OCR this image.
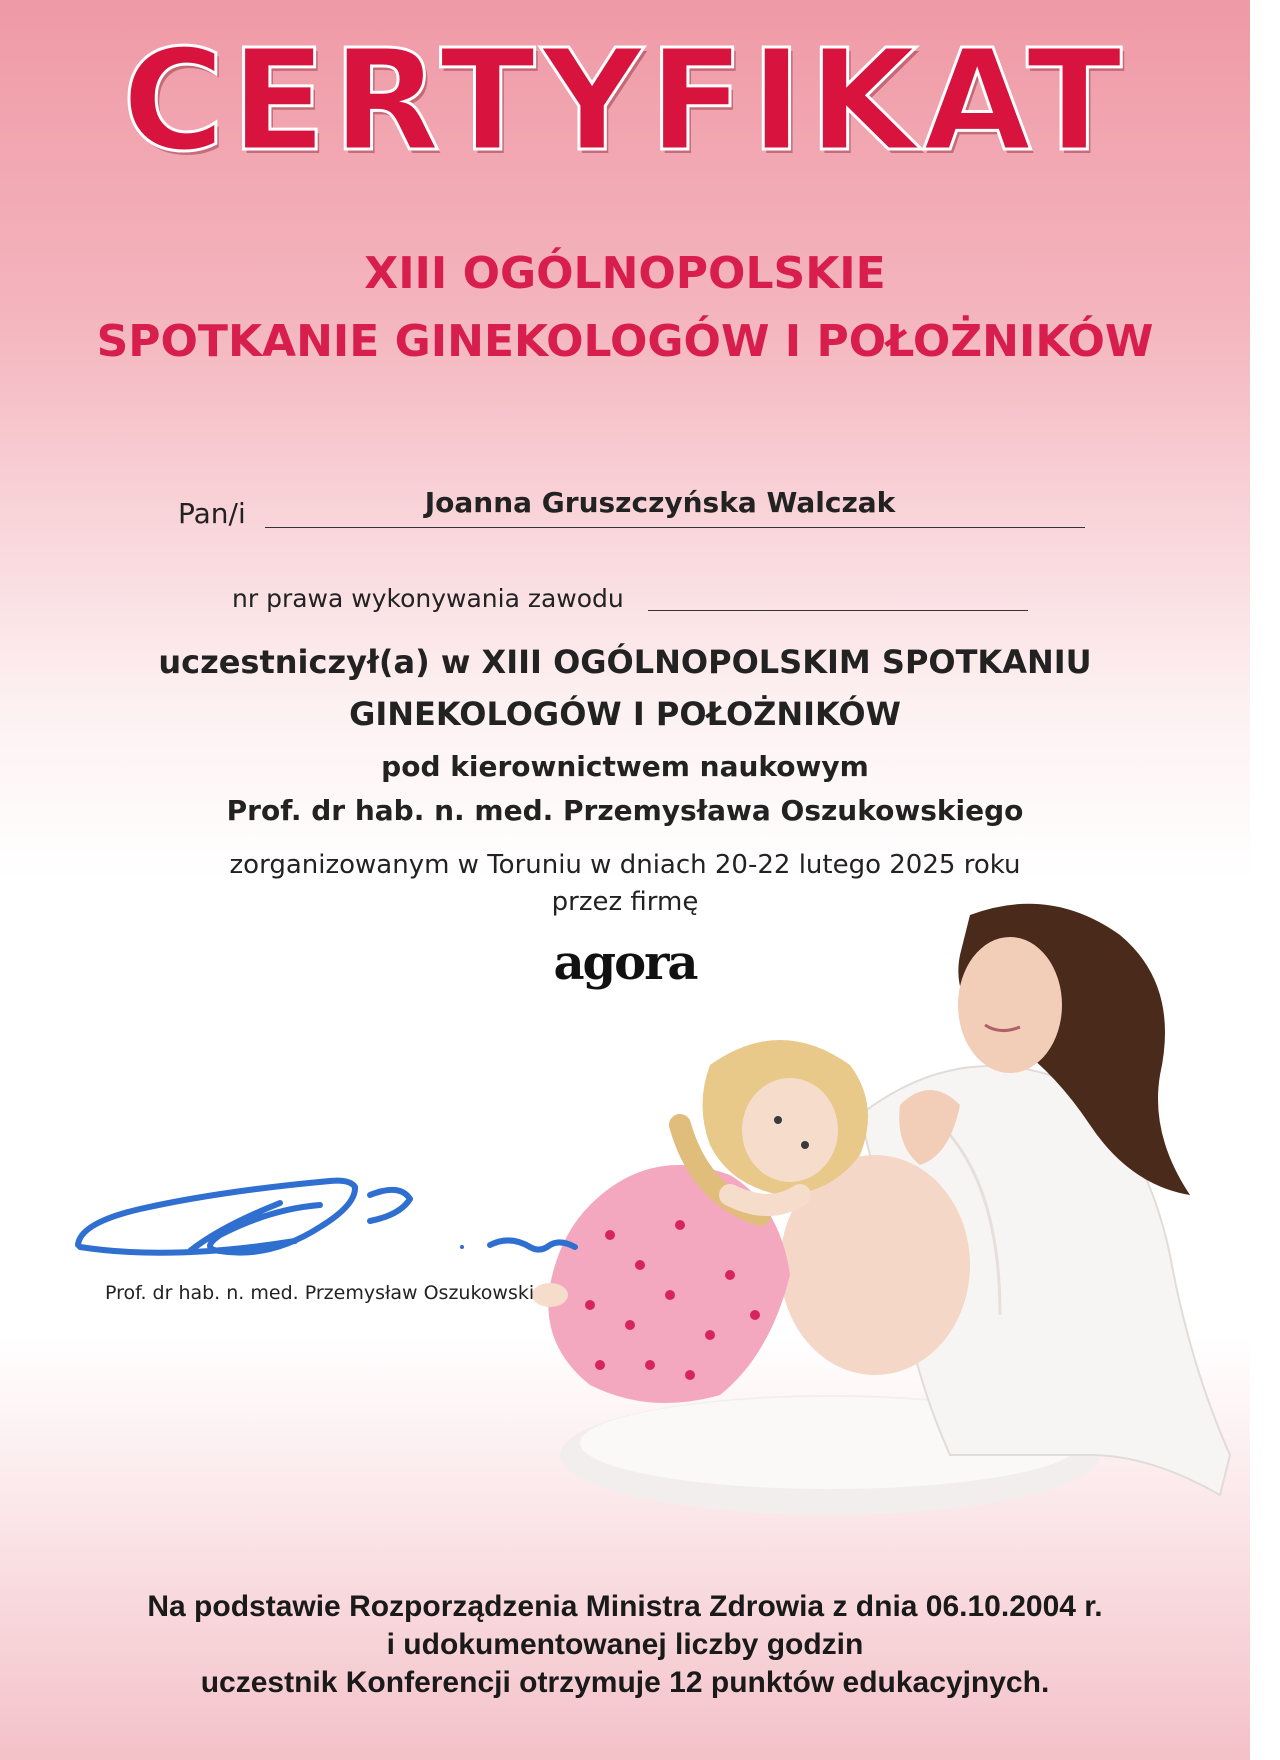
CERTYFIKAT
XIII OGÓLNOPOLSKIE
SPOTKANIE GINEKOLOGÓW I POŁOŻNIKÓW
Pan/i	Joanna Gruszczyńska Walczak
nr prawa wykonywania zawodu
uczestniczył(a) w XIII OGÓLNOPOLSKIM SPOTKANIU
GINEKOLOGÓW I POŁOŻNIKÓW
pod kierownictwem naukowym
Prof. dr hab. n. med. Przemysława Oszukowskiego
zorganizowanym w Toruniu w dniach 20-22 lutego 2025 roku
przez firmę
agora
Prof. dr hab. n. med. Przemysław Oszukowski
Na podstawie Rozporządzenia Ministra Zdrowia z dnia 06.10.2004 r.
i udokumentowanej liczby godzin
uczestnik Konferencji otrzymuje 12 punktów edukacyjnych.
